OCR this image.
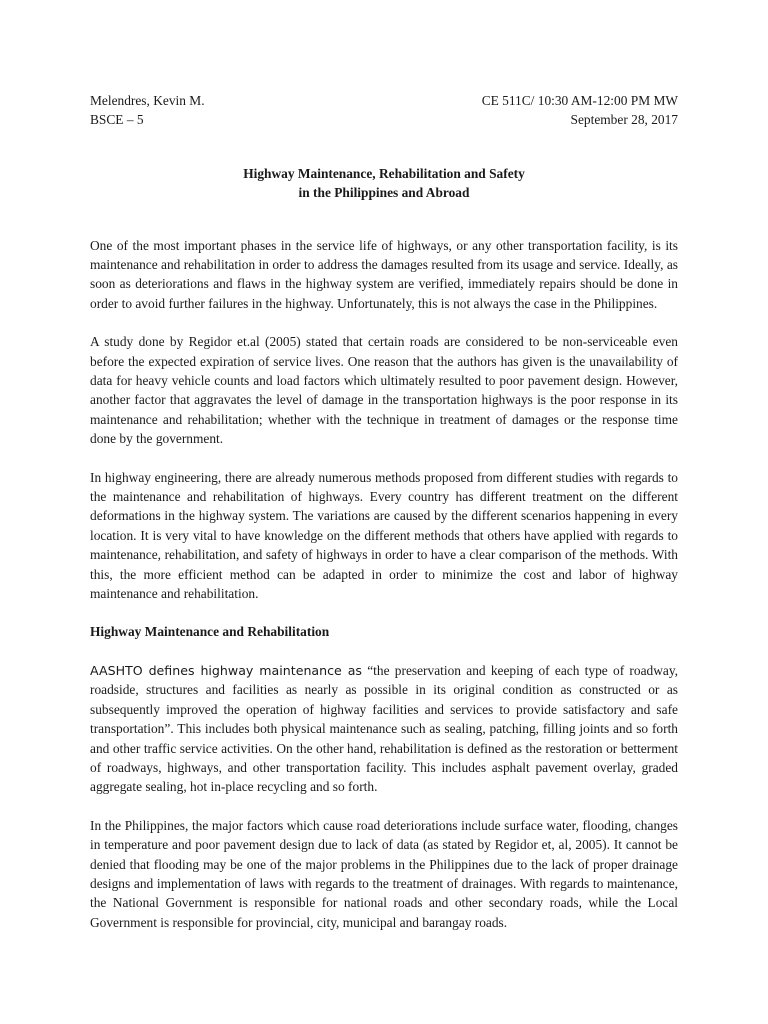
Melendres, Kevin M.	CE 511C/ 10:30 AM-12:00 PM MW
BSCE – 5	September 28, 2017
Highway Maintenance, Rehabilitation and Safety
in the Philippines and Abroad

One of the most important phases in the service life of highways, or any other transportation facility, is its maintenance and rehabilitation in order to address the damages resulted from its usage and service. Ideally, as soon as deteriorations and flaws in the highway system are verified, immediately repairs should be done in order to avoid further failures in the highway. Unfortunately, this is not always the case in the Philippines.

A study done by Regidor et.al (2005) stated that certain roads are considered to be non-serviceable even before the expected expiration of service lives. One reason that the authors has given is the unavailability of data for heavy vehicle counts and load factors which ultimately resulted to poor pavement design. However, another factor that aggravates the level of damage in the transportation highways is the poor response in its maintenance and rehabilitation; whether with the technique in treatment of damages or the response time done by the government.

In highway engineering, there are already numerous methods proposed from different studies with regards to the maintenance and rehabilitation of highways. Every country has different treatment on the different deformations in the highway system. The variations are caused by the different scenarios happening in every location. It is very vital to have knowledge on the different methods that others have applied with regards to maintenance, rehabilitation, and safety of highways in order to have a clear comparison of the methods. With this, the more efficient method can be adapted in order to minimize the cost and labor of highway maintenance and rehabilitation.

Highway Maintenance and Rehabilitation

AASHTO defines highway maintenance as “the preservation and keeping of each type of roadway, roadside, structures and facilities as nearly as possible in its original condition as constructed or as subsequently improved the operation of highway facilities and services to provide satisfactory and safe transportation”. This includes both physical maintenance such as sealing, patching, filling joints and so forth and other traffic service activities. On the other hand, rehabilitation is defined as the restoration or betterment of roadways, highways, and other transportation facility. This includes asphalt pavement overlay, graded aggregate sealing, hot in-place recycling and so forth.

In the Philippines, the major factors which cause road deteriorations include surface water, flooding, changes in temperature and poor pavement design due to lack of data (as stated by Regidor et, al, 2005). It cannot be denied that flooding may be one of the major problems in the Philippines due to the lack of proper drainage designs and implementation of laws with regards to the treatment of drainages. With regards to maintenance, the National Government is responsible for national roads and other secondary roads, while the Local Government is responsible for provincial, city, municipal and barangay roads.
